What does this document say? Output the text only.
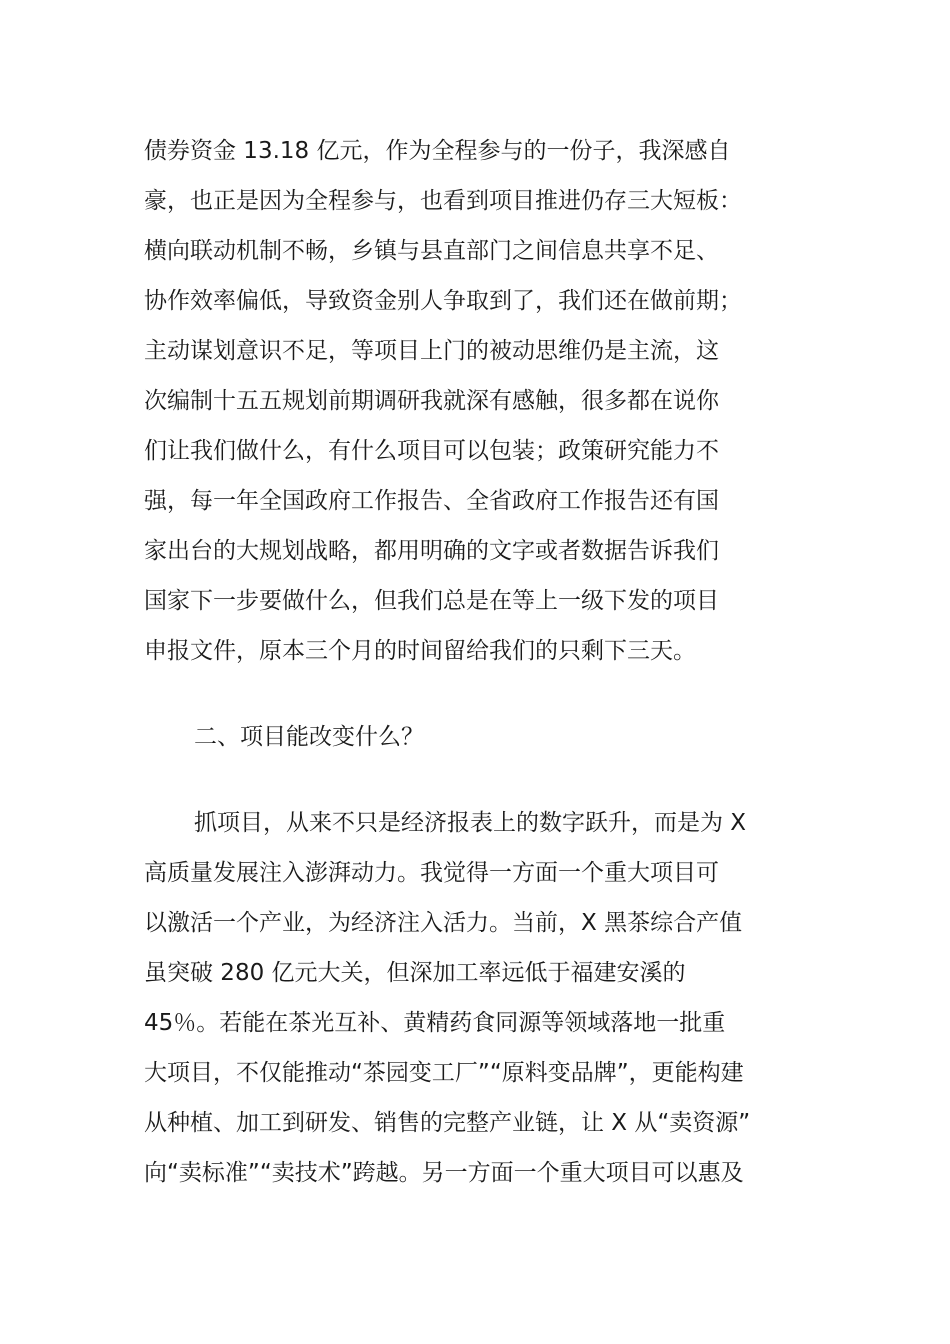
债券资金 13.18 亿元，作为全程参与的一份子，我深感自
豪，也正是因为全程参与，也看到项目推进仍存三大短板：
横向联动机制不畅，乡镇与县直部门之间信息共享不足、
协作效率偏低，导致资金别人争取到了，我们还在做前期；
主动谋划意识不足，等项目上门的被动思维仍是主流，这
次编制十五五规划前期调研我就深有感触，很多都在说你
们让我们做什么，有什么项目可以包装；政策研究能力不
强，每一年全国政府工作报告、全省政府工作报告还有国
家出台的大规划战略，都用明确的文字或者数据告诉我们
国家下一步要做什么，但我们总是在等上一级下发的项目
申报文件，原本三个月的时间留给我们的只剩下三天。
二、项目能改变什么？
抓项目，从来不只是经济报表上的数字跃升，而是为 X
高质量发展注入澎湃动力。我觉得一方面一个重大项目可
以激活一个产业，为经济注入活力。当前，X 黑茶综合产值
虽突破 280 亿元大关，但深加工率远低于福建安溪的
45％。若能在茶光互补、黄精药食同源等领域落地一批重
大项目，不仅能推动“茶园变工厂”“原料变品牌”，更能构建
从种植、加工到研发、销售的完整产业链，让 X 从“卖资源”
向“卖标准”“卖技术”跨越。另一方面一个重大项目可以惠及
